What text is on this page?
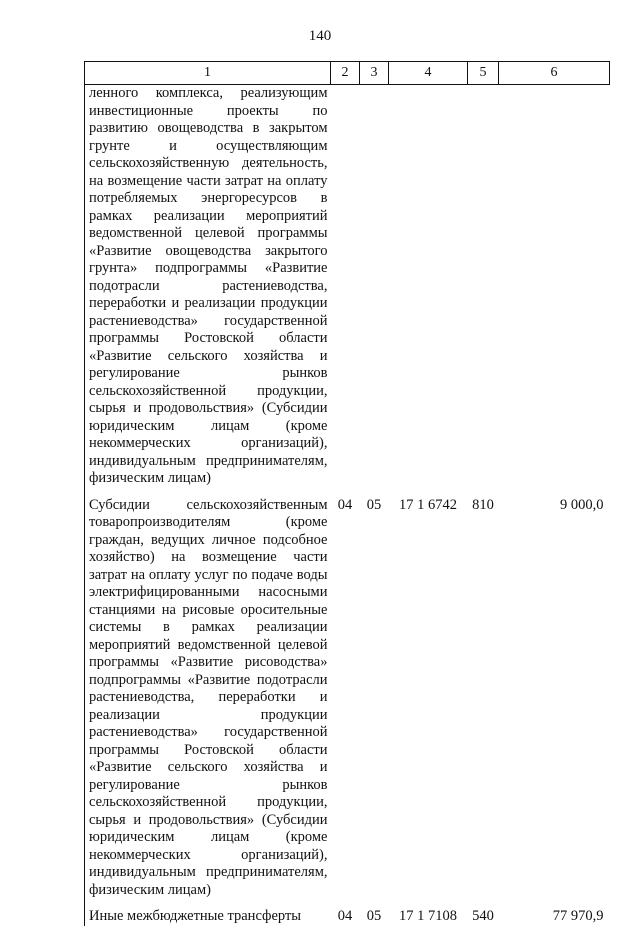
140
1	2	3	4	5	6
ленного комплекса, реализующим инвестиционные проекты по развитию овощеводства в закрытом грунте и осуществляющим сельскохозяйственную деятельность, на возмещение части затрат на оплату потребляемых энергоресурсов в рамках реализации мероприятий ведомственной целевой программы «Развитие овощеводства закрытого грунта» подпрограммы «Развитие подотрасли растениеводства, переработки и реализации продукции растениеводства» государственной программы Ростовской области «Развитие сельского хозяйства и регулирование рынков сельскохозяйственной продукции, сырья и продовольствия» (Субсидии юридическим лицам (кроме некоммерческих организаций), индивидуальным предпринимателям, физическим лицам)					

Субсидии сельскохозяйственным товаропроизводителям (кроме граждан, ведущих личное подсобное хозяйство) на возмещение части затрат на оплату услуг по подаче воды электрифицированными насосными станциями на рисовые оросительные системы в рамках реализации мероприятий ведомственной целевой программы «Развитие рисоводства» подпрограммы «Развитие подотрасли растениеводства, переработки и реализации продукции растениеводства» государственной программы Ростовской области «Развитие сельского хозяйства и регулирование рынков сельскохозяйственной продукции, сырья и продовольствия» (Субсидии юридическим лицам (кроме некоммерческих организаций), индивидуальным предпринимателям, физическим лицам)	04	05	17 1 6742	810	9 000,0

Иные межбюджетные трансферты	04	05	17 1 7108	540	77 970,9
